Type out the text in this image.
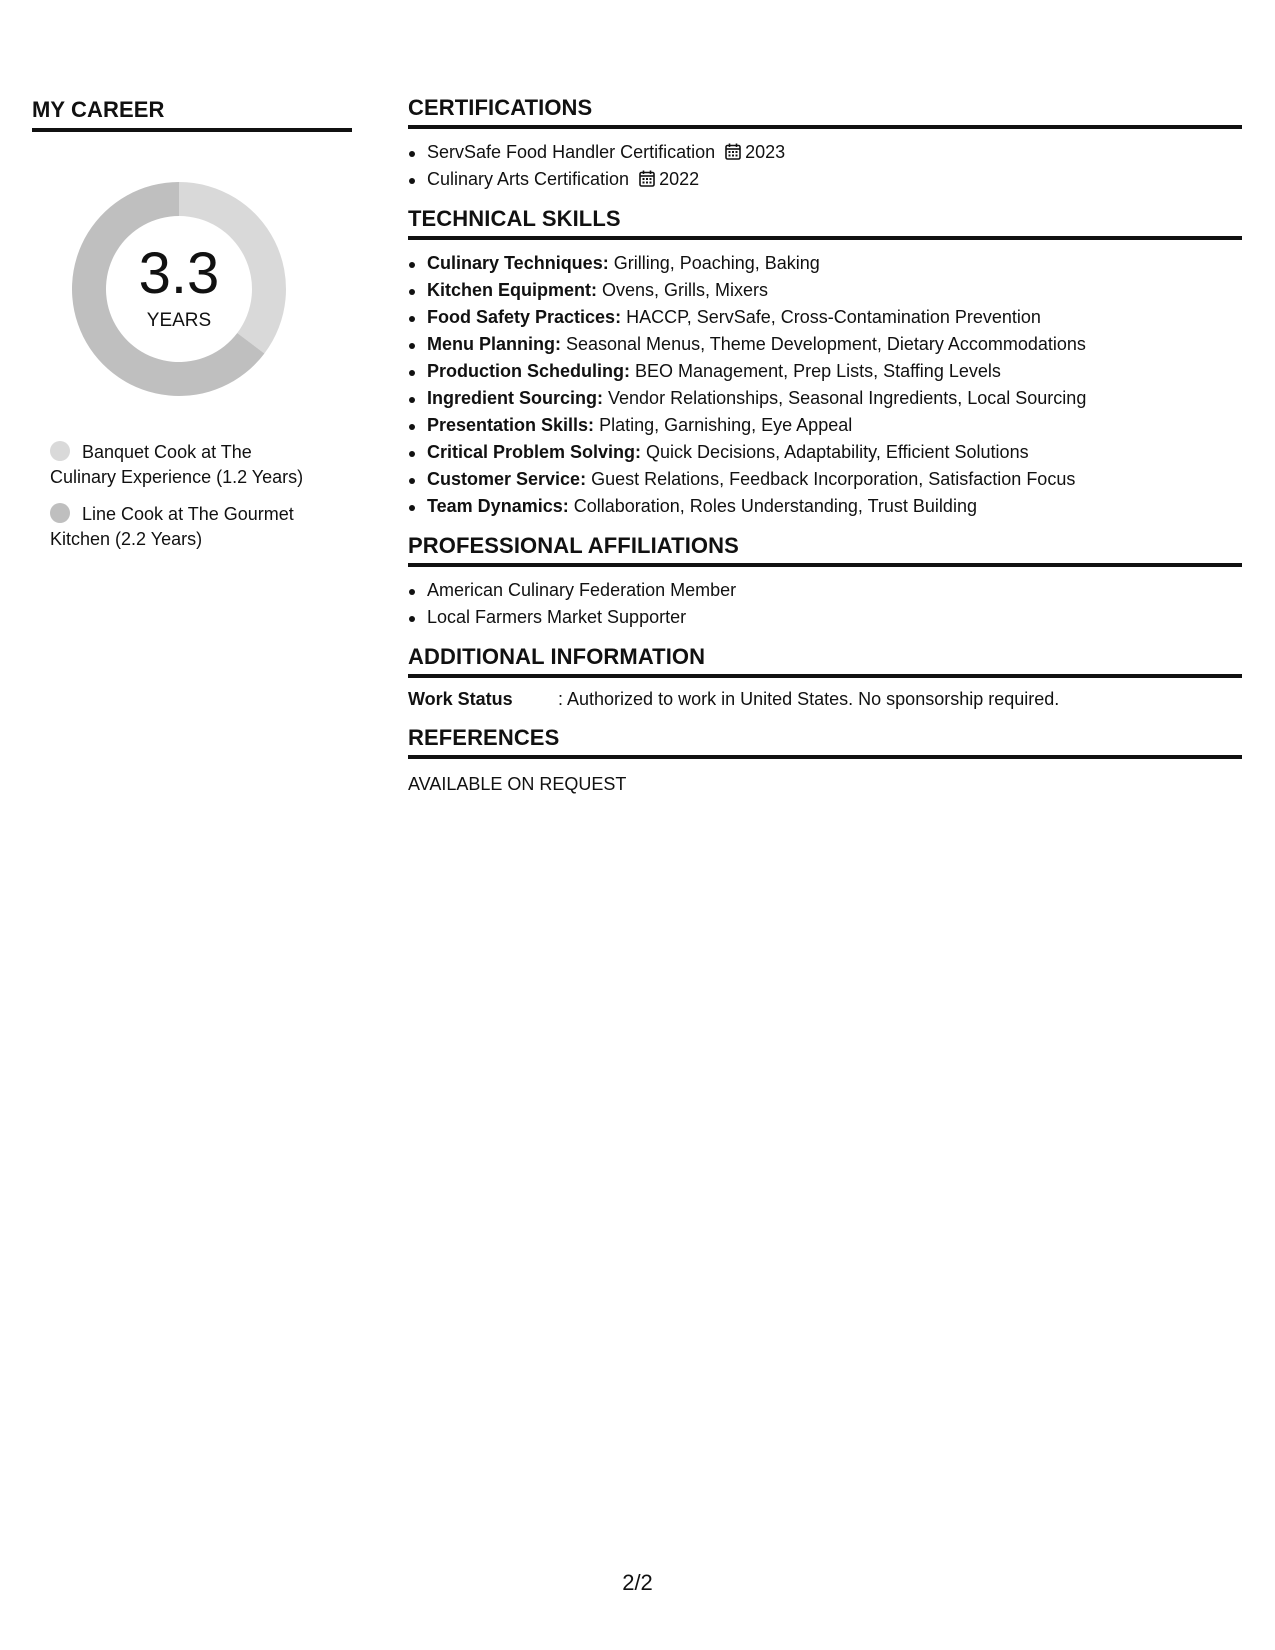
MY CAREER
3.3
YEARS
Banquet Cook at The Culinary Experience (1.2 Years)
Line Cook at The Gourmet Kitchen (2.2 Years)
CERTIFICATIONS
ServSafe Food Handler Certification 2023
Culinary Arts Certification 2022
TECHNICAL SKILLS
Culinary Techniques: Grilling, Poaching, Baking
Kitchen Equipment: Ovens, Grills, Mixers
Food Safety Practices: HACCP, ServSafe, Cross-Contamination Prevention
Menu Planning: Seasonal Menus, Theme Development, Dietary Accommodations
Production Scheduling: BEO Management, Prep Lists, Staffing Levels
Ingredient Sourcing: Vendor Relationships, Seasonal Ingredients, Local Sourcing
Presentation Skills: Plating, Garnishing, Eye Appeal
Critical Problem Solving: Quick Decisions, Adaptability, Efficient Solutions
Customer Service: Guest Relations, Feedback Incorporation, Satisfaction Focus
Team Dynamics: Collaboration, Roles Understanding, Trust Building
PROFESSIONAL AFFILIATIONS
American Culinary Federation Member
Local Farmers Market Supporter
ADDITIONAL INFORMATION
Work Status	: Authorized to work in United States. No sponsorship required.
REFERENCES
AVAILABLE ON REQUEST
2/2
